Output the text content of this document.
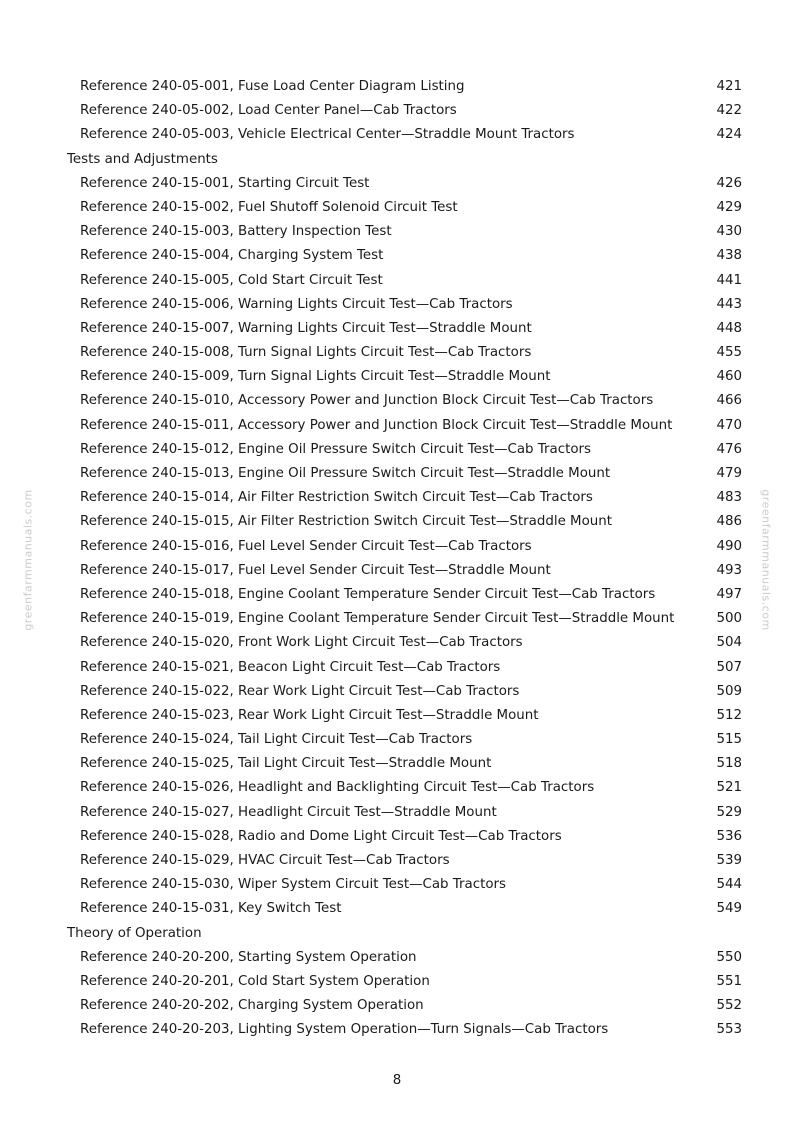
Reference 240-05-001, Fuse Load Center Diagram Listing	421
Reference 240-05-002, Load Center Panel—Cab Tractors	422
Reference 240-05-003, Vehicle Electrical Center—Straddle Mount Tractors	424
Tests and Adjustments
Reference 240-15-001, Starting Circuit Test	426
Reference 240-15-002, Fuel Shutoff Solenoid Circuit Test	429
Reference 240-15-003, Battery Inspection Test	430
Reference 240-15-004, Charging System Test	438
Reference 240-15-005, Cold Start Circuit Test	441
Reference 240-15-006, Warning Lights Circuit Test—Cab Tractors	443
Reference 240-15-007, Warning Lights Circuit Test—Straddle Mount	448
Reference 240-15-008, Turn Signal Lights Circuit Test—Cab Tractors	455
Reference 240-15-009, Turn Signal Lights Circuit Test—Straddle Mount	460
Reference 240-15-010, Accessory Power and Junction Block Circuit Test—Cab Tractors	466
Reference 240-15-011, Accessory Power and Junction Block Circuit Test—Straddle Mount	470
Reference 240-15-012, Engine Oil Pressure Switch Circuit Test—Cab Tractors	476
Reference 240-15-013, Engine Oil Pressure Switch Circuit Test—Straddle Mount	479
Reference 240-15-014, Air Filter Restriction Switch Circuit Test—Cab Tractors	483
Reference 240-15-015, Air Filter Restriction Switch Circuit Test—Straddle Mount	486
Reference 240-15-016, Fuel Level Sender Circuit Test—Cab Tractors	490
Reference 240-15-017, Fuel Level Sender Circuit Test—Straddle Mount	493
Reference 240-15-018, Engine Coolant Temperature Sender Circuit Test—Cab Tractors	497
Reference 240-15-019, Engine Coolant Temperature Sender Circuit Test—Straddle Mount	500
Reference 240-15-020, Front Work Light Circuit Test—Cab Tractors	504
Reference 240-15-021, Beacon Light Circuit Test—Cab Tractors	507
Reference 240-15-022, Rear Work Light Circuit Test—Cab Tractors	509
Reference 240-15-023, Rear Work Light Circuit Test—Straddle Mount	512
Reference 240-15-024, Tail Light Circuit Test—Cab Tractors	515
Reference 240-15-025, Tail Light Circuit Test—Straddle Mount	518
Reference 240-15-026, Headlight and Backlighting Circuit Test—Cab Tractors	521
Reference 240-15-027, Headlight Circuit Test—Straddle Mount	529
Reference 240-15-028, Radio and Dome Light Circuit Test—Cab Tractors	536
Reference 240-15-029, HVAC Circuit Test—Cab Tractors	539
Reference 240-15-030, Wiper System Circuit Test—Cab Tractors	544
Reference 240-15-031, Key Switch Test	549
Theory of Operation
Reference 240-20-200, Starting System Operation	550
Reference 240-20-201, Cold Start System Operation	551
Reference 240-20-202, Charging System Operation	552
Reference 240-20-203, Lighting System Operation—Turn Signals—Cab Tractors	553
greenfarmmanuals.com	greenfarmmanuals.com
8
